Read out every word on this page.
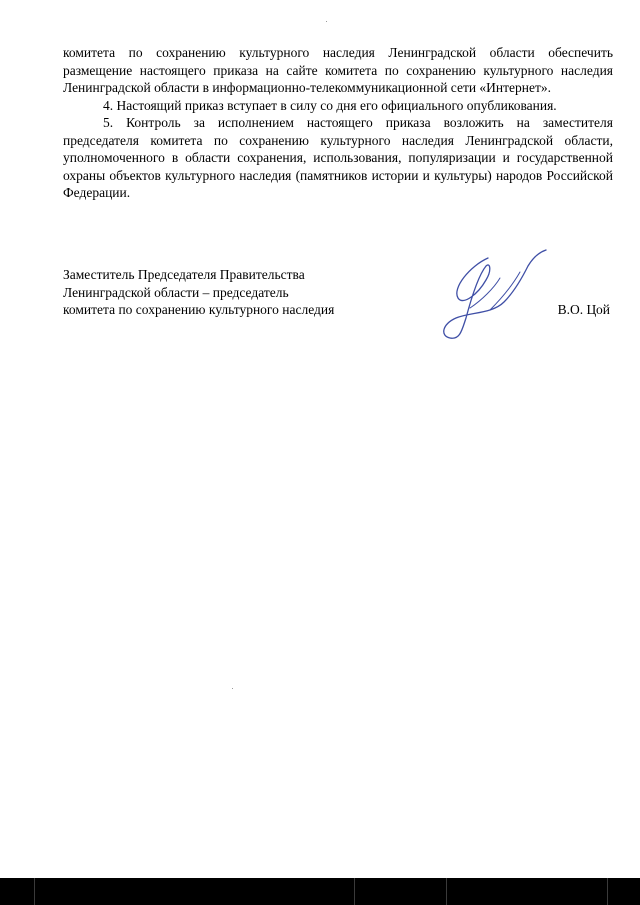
комитета по сохранению культурного наследия Ленинградской области обеспечить размещение настоящего приказа на сайте комитета по сохранению культурного наследия Ленинградской области в информационно-телекоммуникационной сети «Интернет».

4. Настоящий приказ вступает в силу со дня его официального опубликования.

5. Контроль за исполнением настоящего приказа возложить на заместителя председателя комитета по сохранению культурного наследия Ленинградской области, уполномоченного в области сохранения, использования, популяризации и государственной охраны объектов культурного наследия (памятников истории и культуры) народов Российской Федерации.

Заместитель Председателя Правительства
Ленинградской области – председатель
комитета по сохранению культурного наследия	В.О. Цой
